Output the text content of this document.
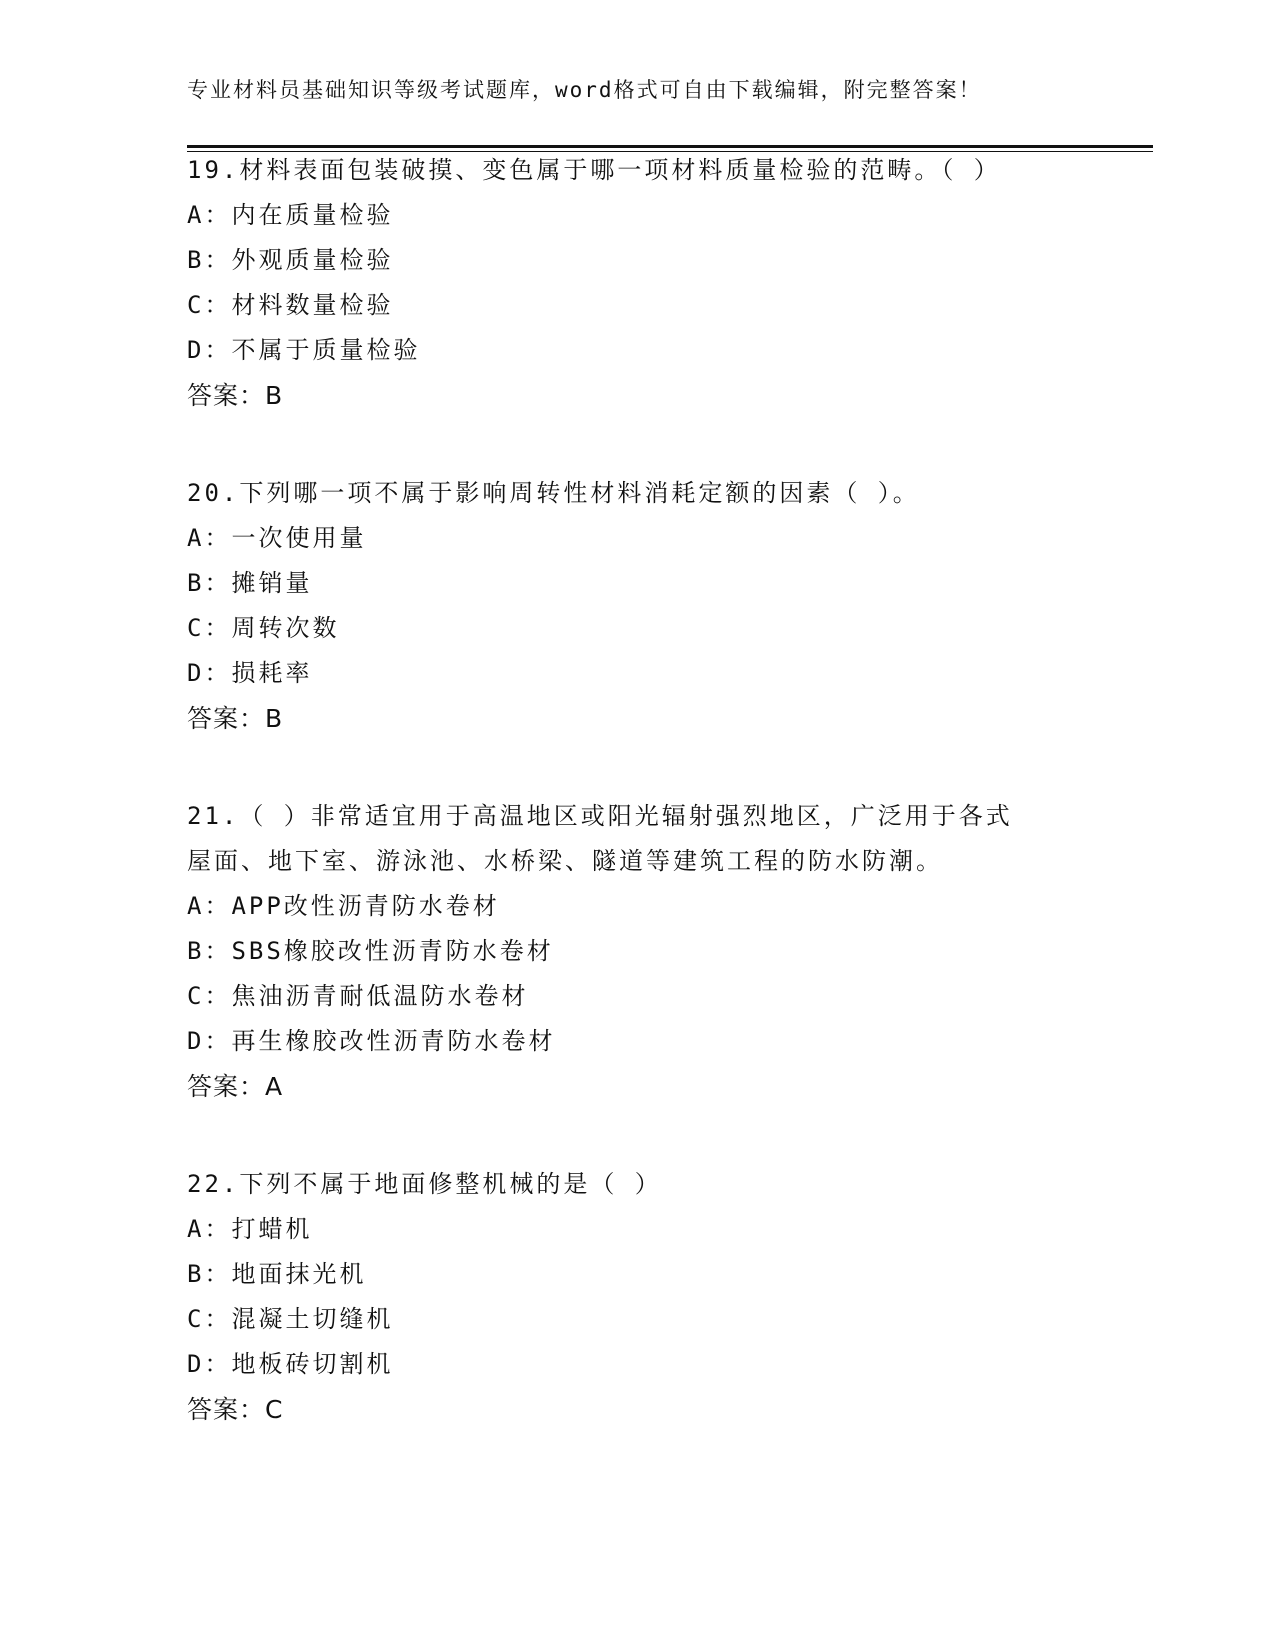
专业材料员基础知识等级考试题库，word格式可自由下载编辑，附完整答案！

19.材料表面包装破摸、变色属于哪一项材料质量检验的范畴。（ ）

A：内在质量检验

B：外观质量检验

C：材料数量检验

D：不属于质量检验

答案：B

20.下列哪一项不属于影响周转性材料消耗定额的因素（ ）。

A：一次使用量

B：摊销量

C：周转次数

D：损耗率

答案：B

21.（ ）非常适宜用于高温地区或阳光辐射强烈地区，广泛用于各式

屋面、地下室、游泳池、水桥梁、隧道等建筑工程的防水防潮。

A：APP改性沥青防水卷材

B：SBS橡胶改性沥青防水卷材

C：焦油沥青耐低温防水卷材

D：再生橡胶改性沥青防水卷材

答案：A

22.下列不属于地面修整机械的是（ ）

A：打蜡机

B：地面抹光机

C：混凝土切缝机

D：地板砖切割机

答案：C
